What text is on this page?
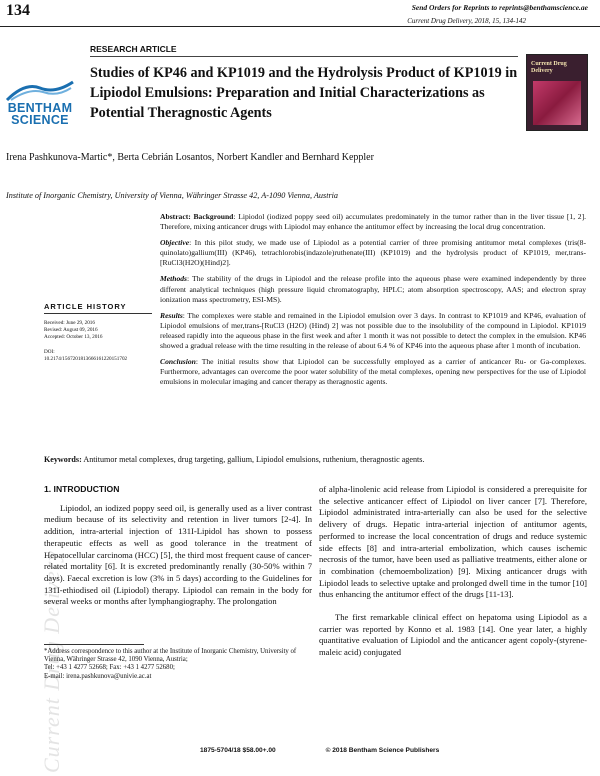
134	Send Orders for Reprints to reprints@benthamscience.ae
Current Drug Delivery, 2018, 15, 134-142
Current Drug Delivery
BENTHAM
SCIENCE
Current Drug Delivery
RESEARCH ARTICLE
Studies of KP46 and KP1019 and the Hydrolysis Product of KP1019 in Lipiodol Emulsions: Preparation and Initial Characterizations as Potential Theragnostic Agents
Irena Pashkunova-Martic*, Berta Cebrián Losantos, Norbert Kandler and Bernhard Keppler
Institute of Inorganic Chemistry, University of Vienna, Währinger Strasse 42, A-1090 Vienna, Austria
ARTICLE HISTORY
Received: June 29, 2016
Revised: August 09, 2016
Accepted: October 13, 2016
DOI:
10.2174/1567201813666161220151702

Abstract: Background: Lipiodol (iodized poppy seed oil) accumulates predominately in the tumor rather than in the liver tissue [1, 2]. Therefore, mixing anticancer drugs with Lipiodol may enhance the antitumor effect by increasing the local drug concentration.

Objective: In this pilot study, we made use of Lipiodol as a potential carrier of three promising antitumor metal complexes (tris(8-quinolato)gallium(III) (KP46), tetrachlorobis(indazole)ruthenate(III) (KP1019) and the hydrolysis product of KP1019, mer,trans-[RuCl3(H2O)(Hind)2].

Methods: The stability of the drugs in Lipiodol and the release profile into the aqueous phase were examined independently by three different analytical techniques (high pressure liquid chromatography, HPLC; atom absorption spectroscopy, AAS; and electron spray ionization mass spectrometry, ESI-MS).

Results: The complexes were stable and remained in the Lipiodol emulsion over 3 days. In contrast to KP1019 and KP46, evaluation of Lipiodol emulsions of mer,trans-[RuCl3 (H2O) (Hind) 2] was not possible due to the insolubility of the compound in Lipiodol. KP1019 released rapidly into the aqueous phase in the first week and after 1 month it was not possible to detect the complex in the emulsion. KP46 showed a gradual release with the time resulting in the release of about 6.4 % of KP46 into the aqueous phase after 1 month of incubation.

Conclusion: The initial results show that Lipiodol can be successfully employed as a carrier of anticancer Ru- or Ga-complexes. Furthermore, advantages can overcome the poor water solubility of the metal complexes, opening new perspectives for the use of Lipiodol emulsions in molecular imaging and cancer therapy as theragnostic agents.

Keywords: Antitumor metal complexes, drug targeting, gallium, Lipiodol emulsions, ruthenium, theragnostic agents.

1. INTRODUCTION

Lipiodol, an iodized poppy seed oil, is generally used as a liver contrast medium because of its selectivity and retention in liver tumors [2-4]. In addition, intra-arterial injection of 131I-Lipidol has shown to possess therapeutic effects as well as good tolerance in the treatment of Hepatocellular carcinoma (HCC) [5], the third most frequent cause of cancer-related mortality [6]. It is excreted predominantly renally (30-50% within 7 days). Faecal excretion is low (3% in 5 days) according to the Guidelines for 131I-ethiodised oil (Lipiodol) therapy. Lipiodol can remain in the body for several weeks or months after lymphangiography. The prolongation

of alpha-linolenic acid release from Lipiodol is considered a prerequisite for the selective anticancer effect of Lipiodol on liver cancer [7]. Therefore, Lipiodol administrated intra-arterially can also be used for the selective delivery of drugs. Hepatic intra-arterial injection of antitumor agents, performed to increase the local concentration of drugs and reduce systemic side effects [8] and intra-arterial embolization, which causes ischemic necrosis of the tumor, have been used as palliative treatments, either alone or in combination (chemoembolization) [9]. Mixing anticancer drugs with Lipiodol leads to selective uptake and prolonged dwell time in the tumor [10] thus enhancing the antitumor effect of the drugs [11-13].

The first remarkable clinical effect on hepatoma using Lipiodol as a carrier was reported by Konno et al. 1983 [14]. One year later, a highly quantitative evaluation of Lipiodol and the anticancer agent copoly-(styrene-maleic acid) conjugated

*Address correspondence to this author at the Institute of Inorganic Chemistry, University of Vienna, Währinger Strasse 42, 1090 Vienna, Austria;
Tel: +43 1 4277 52668; Fax: +43 1 4277 52680;
E-mail: irena.pashkunova@univie.ac.at
1875-5704/18 $58.00+.00	© 2018 Bentham Science Publishers
